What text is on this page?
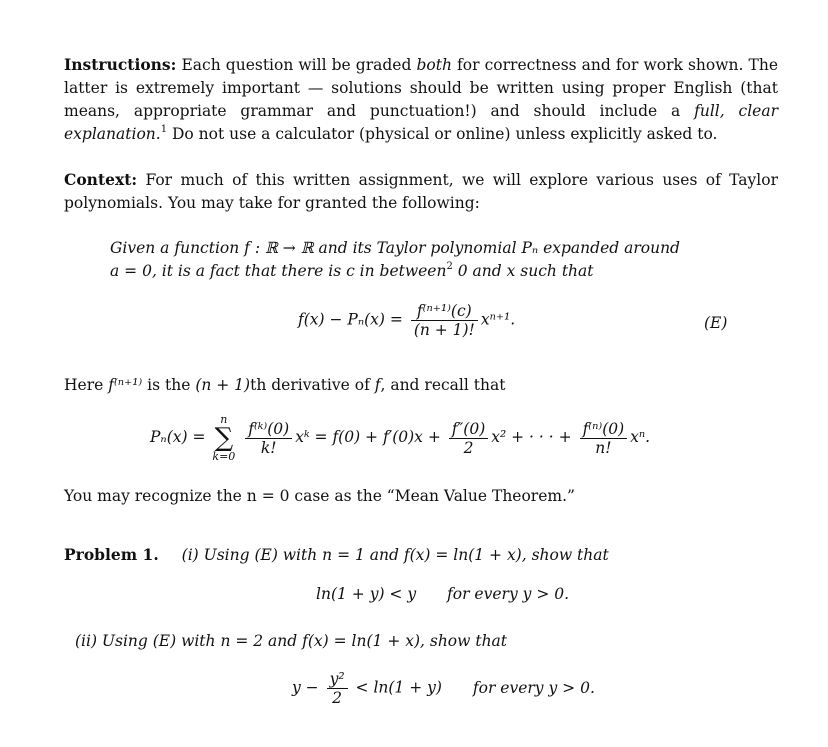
Instructions: Each question will be graded both for correctness and for work shown. The latter is extremely important — solutions should be written using proper English (that means, appropriate grammar and punctuation!) and should include a full, clear explanation.$^1$ Do not use a calculator (physical or online) unless explicitly asked to.

Context: For much of this written assignment, we will explore various uses of Taylor polynomials. You may take for granted the following:

Given a function f : ℝ → ℝ and its Taylor polynomial Pₙ expanded around
a = 0, it is a fact that there is c in between$^2$ 0 and x such that
$f(x) - P_n(x) = \frac{\text{f⁽ⁿ⁺¹⁾(c)}}{(n + 1)!} x^{n+1}$.	(E)

Here f⁽ⁿ⁺¹⁾ is the (n + 1)th derivative of f, and recall that

Pₙ(x) =
n
∑
k=0
$\frac{\text{f⁽ᵏ⁾(0)}}{k!}$ xᵏ = $f(0) + f'(0)x + \frac{f''(0)}{2} x^2$ + · · · + $\frac{\text{f⁽ⁿ⁾(0)}}{n!} x^n$.

You may recognize the n = 0 case as the “Mean Value Theorem.”

Problem 1. (i) Using (E) with n = 1 and f(x) = ln(1 + x), show that
ln(1 + y) < y for every y > 0.
(ii) Using (E) with n = 2 and f(x) = ln(1 + x), show that
$y - \frac{\text{y²}}{2} < \ln(1 + y)$ for every y > 0.
